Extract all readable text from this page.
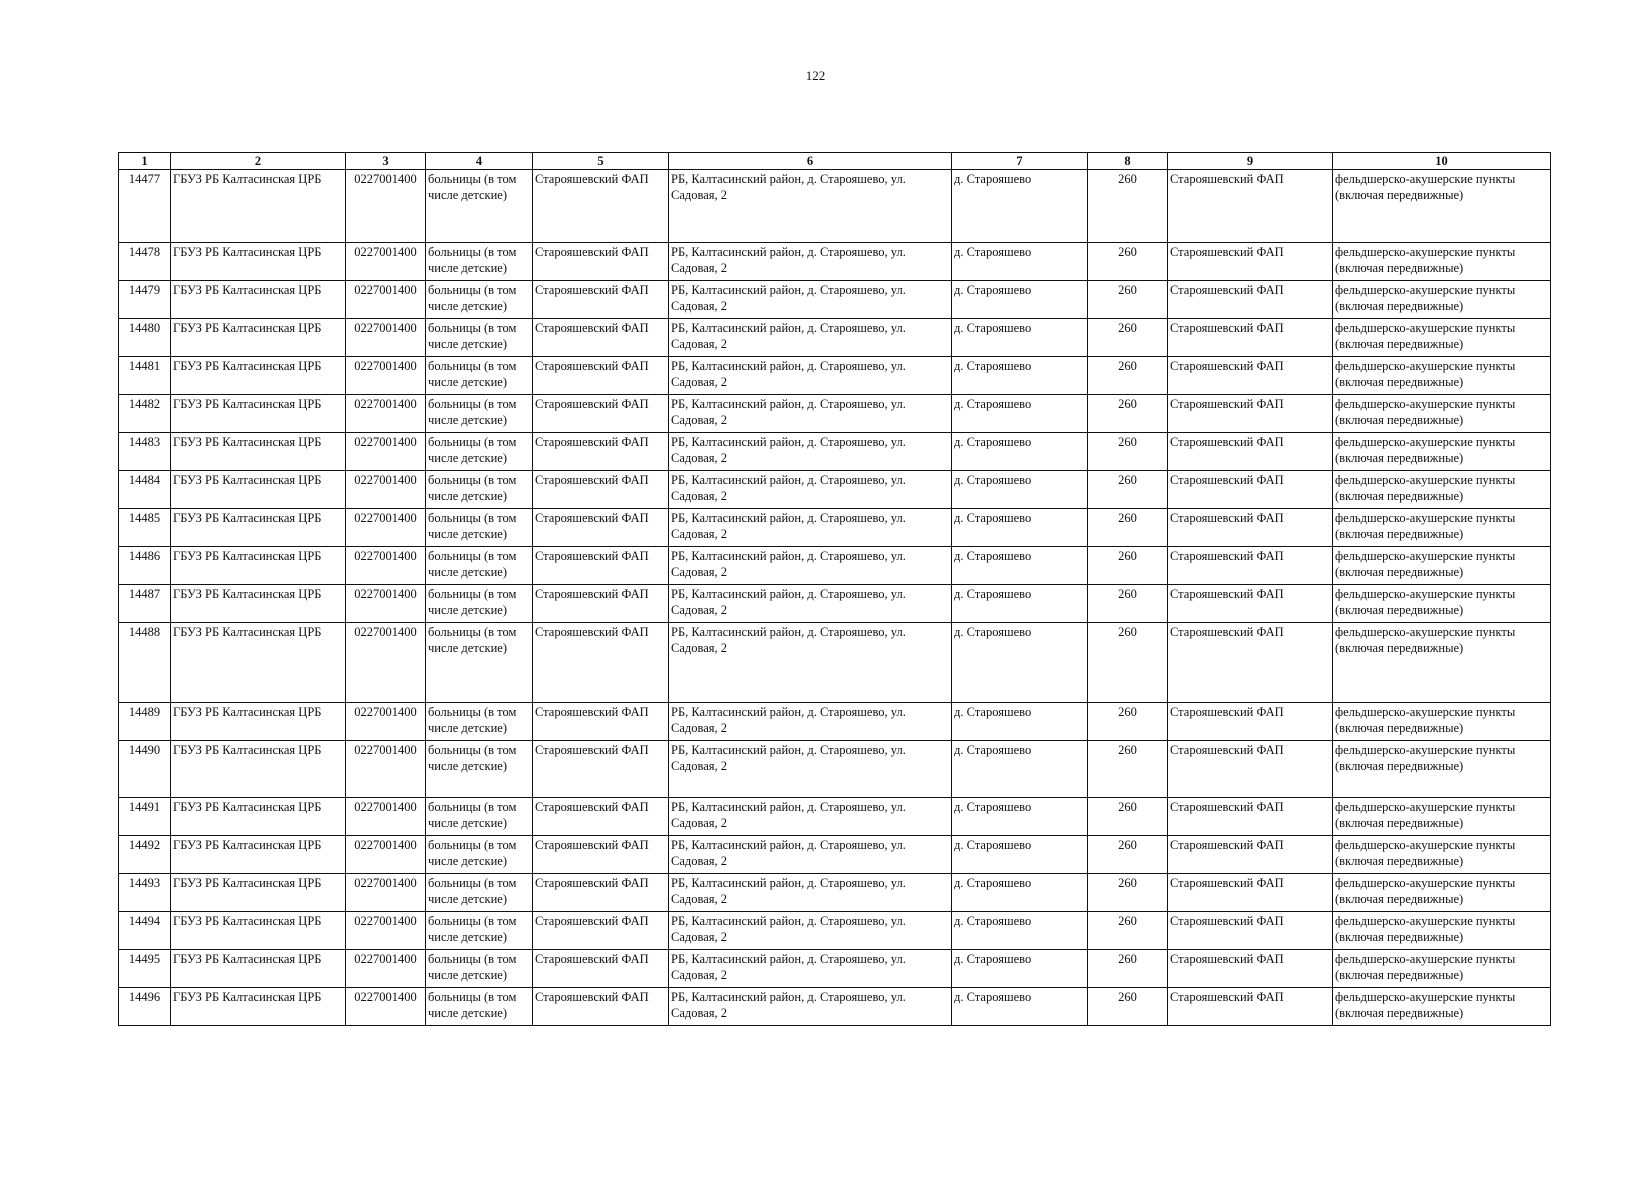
122
1	2	3	4	5	6	7	8	9	10
14477	ГБУЗ РБ Калтасинская ЦРБ	0227001400	больницы (в том числе детские)	Старояшевский ФАП	РБ, Калтасинский район, д. Старояшево, ул. Садовая, 2	д. Старояшево	260	Старояшевский ФАП	фельдшерско-акушерские пункты (включая передвижные)
14478	ГБУЗ РБ Калтасинская ЦРБ	0227001400	больницы (в том числе детские)	Старояшевский ФАП	РБ, Калтасинский район, д. Старояшево, ул. Садовая, 2	д. Старояшево	260	Старояшевский ФАП	фельдшерско-акушерские пункты (включая передвижные)
14479	ГБУЗ РБ Калтасинская ЦРБ	0227001400	больницы (в том числе детские)	Старояшевский ФАП	РБ, Калтасинский район, д. Старояшево, ул. Садовая, 2	д. Старояшево	260	Старояшевский ФАП	фельдшерско-акушерские пункты (включая передвижные)
14480	ГБУЗ РБ Калтасинская ЦРБ	0227001400	больницы (в том числе детские)	Старояшевский ФАП	РБ, Калтасинский район, д. Старояшево, ул. Садовая, 2	д. Старояшево	260	Старояшевский ФАП	фельдшерско-акушерские пункты (включая передвижные)
14481	ГБУЗ РБ Калтасинская ЦРБ	0227001400	больницы (в том числе детские)	Старояшевский ФАП	РБ, Калтасинский район, д. Старояшево, ул. Садовая, 2	д. Старояшево	260	Старояшевский ФАП	фельдшерско-акушерские пункты (включая передвижные)
14482	ГБУЗ РБ Калтасинская ЦРБ	0227001400	больницы (в том числе детские)	Старояшевский ФАП	РБ, Калтасинский район, д. Старояшево, ул. Садовая, 2	д. Старояшево	260	Старояшевский ФАП	фельдшерско-акушерские пункты (включая передвижные)
14483	ГБУЗ РБ Калтасинская ЦРБ	0227001400	больницы (в том числе детские)	Старояшевский ФАП	РБ, Калтасинский район, д. Старояшево, ул. Садовая, 2	д. Старояшево	260	Старояшевский ФАП	фельдшерско-акушерские пункты (включая передвижные)
14484	ГБУЗ РБ Калтасинская ЦРБ	0227001400	больницы (в том числе детские)	Старояшевский ФАП	РБ, Калтасинский район, д. Старояшево, ул. Садовая, 2	д. Старояшево	260	Старояшевский ФАП	фельдшерско-акушерские пункты (включая передвижные)
14485	ГБУЗ РБ Калтасинская ЦРБ	0227001400	больницы (в том числе детские)	Старояшевский ФАП	РБ, Калтасинский район, д. Старояшево, ул. Садовая, 2	д. Старояшево	260	Старояшевский ФАП	фельдшерско-акушерские пункты (включая передвижные)
14486	ГБУЗ РБ Калтасинская ЦРБ	0227001400	больницы (в том числе детские)	Старояшевский ФАП	РБ, Калтасинский район, д. Старояшево, ул. Садовая, 2	д. Старояшево	260	Старояшевский ФАП	фельдшерско-акушерские пункты (включая передвижные)
14487	ГБУЗ РБ Калтасинская ЦРБ	0227001400	больницы (в том числе детские)	Старояшевский ФАП	РБ, Калтасинский район, д. Старояшево, ул. Садовая, 2	д. Старояшево	260	Старояшевский ФАП	фельдшерско-акушерские пункты (включая передвижные)
14488	ГБУЗ РБ Калтасинская ЦРБ	0227001400	больницы (в том числе детские)	Старояшевский ФАП	РБ, Калтасинский район, д. Старояшево, ул. Садовая, 2	д. Старояшево	260	Старояшевский ФАП	фельдшерско-акушерские пункты (включая передвижные)
14489	ГБУЗ РБ Калтасинская ЦРБ	0227001400	больницы (в том числе детские)	Старояшевский ФАП	РБ, Калтасинский район, д. Старояшево, ул. Садовая, 2	д. Старояшево	260	Старояшевский ФАП	фельдшерско-акушерские пункты (включая передвижные)
14490	ГБУЗ РБ Калтасинская ЦРБ	0227001400	больницы (в том числе детские)	Старояшевский ФАП	РБ, Калтасинский район, д. Старояшево, ул. Садовая, 2	д. Старояшево	260	Старояшевский ФАП	фельдшерско-акушерские пункты (включая передвижные)
14491	ГБУЗ РБ Калтасинская ЦРБ	0227001400	больницы (в том числе детские)	Старояшевский ФАП	РБ, Калтасинский район, д. Старояшево, ул. Садовая, 2	д. Старояшево	260	Старояшевский ФАП	фельдшерско-акушерские пункты (включая передвижные)
14492	ГБУЗ РБ Калтасинская ЦРБ	0227001400	больницы (в том числе детские)	Старояшевский ФАП	РБ, Калтасинский район, д. Старояшево, ул. Садовая, 2	д. Старояшево	260	Старояшевский ФАП	фельдшерско-акушерские пункты (включая передвижные)
14493	ГБУЗ РБ Калтасинская ЦРБ	0227001400	больницы (в том числе детские)	Старояшевский ФАП	РБ, Калтасинский район, д. Старояшево, ул. Садовая, 2	д. Старояшево	260	Старояшевский ФАП	фельдшерско-акушерские пункты (включая передвижные)
14494	ГБУЗ РБ Калтасинская ЦРБ	0227001400	больницы (в том числе детские)	Старояшевский ФАП	РБ, Калтасинский район, д. Старояшево, ул. Садовая, 2	д. Старояшево	260	Старояшевский ФАП	фельдшерско-акушерские пункты (включая передвижные)
14495	ГБУЗ РБ Калтасинская ЦРБ	0227001400	больницы (в том числе детские)	Старояшевский ФАП	РБ, Калтасинский район, д. Старояшево, ул. Садовая, 2	д. Старояшево	260	Старояшевский ФАП	фельдшерско-акушерские пункты (включая передвижные)
14496	ГБУЗ РБ Калтасинская ЦРБ	0227001400	больницы (в том числе детские)	Старояшевский ФАП	РБ, Калтасинский район, д. Старояшево, ул. Садовая, 2	д. Старояшево	260	Старояшевский ФАП	фельдшерско-акушерские пункты (включая передвижные)
